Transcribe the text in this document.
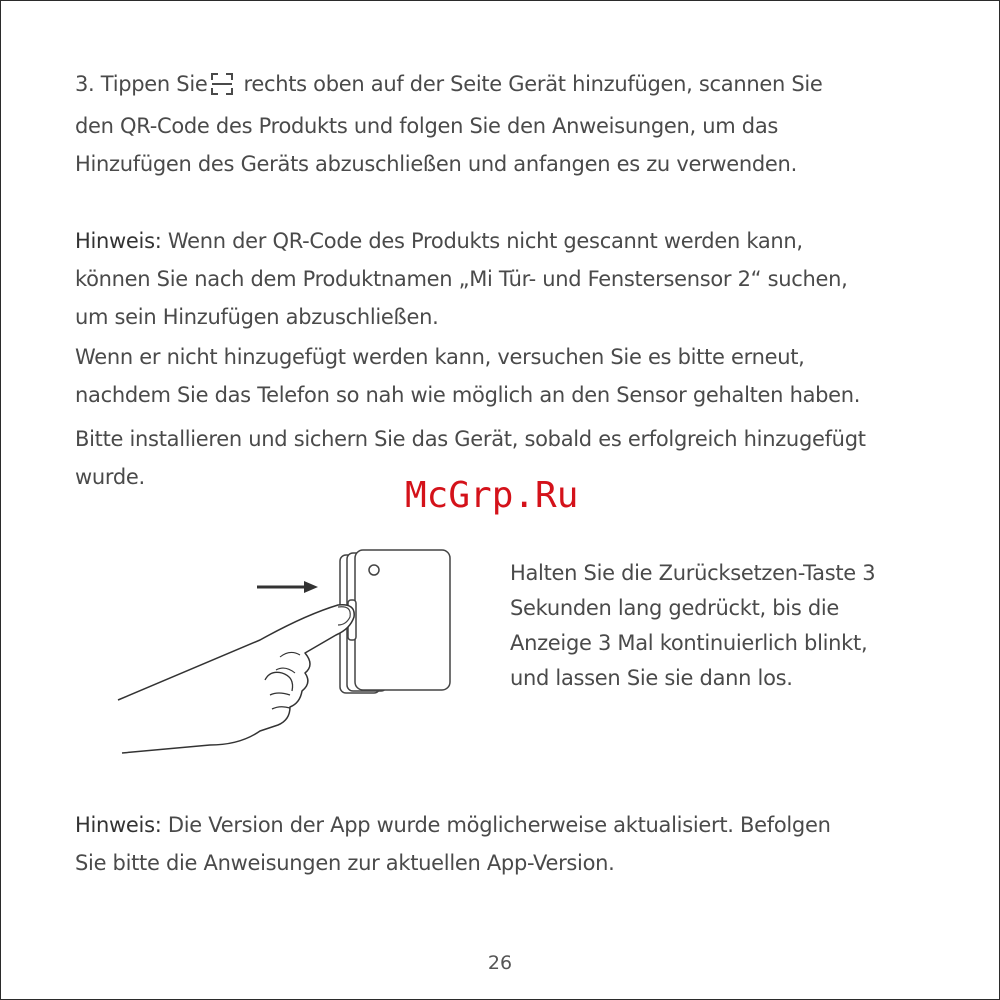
3. Tippen Sie rechts oben auf der Seite Gerät hinzufügen, scannen Sie
den QR-Code des Produkts und folgen Sie den Anweisungen, um das
Hinzufügen des Geräts abzuschließen und anfangen es zu verwenden.
Hinweis: Wenn der QR-Code des Produkts nicht gescannt werden kann,
können Sie nach dem Produktnamen „Mi Tür- und Fenstersensor 2“ suchen,
um sein Hinzufügen abzuschließen.
Wenn er nicht hinzugefügt werden kann, versuchen Sie es bitte erneut,
nachdem Sie das Telefon so nah wie möglich an den Sensor gehalten haben.
Bitte installieren und sichern Sie das Gerät, sobald es erfolgreich hinzugefügt
wurde.	McGrp.Ru
Halten Sie die Zurücksetzen-Taste 3
Sekunden lang gedrückt, bis die
Anzeige 3 Mal kontinuierlich blinkt,
und lassen Sie sie dann los.
Hinweis: Die Version der App wurde möglicherweise aktualisiert. Befolgen
Sie bitte die Anweisungen zur aktuellen App-Version.
26
